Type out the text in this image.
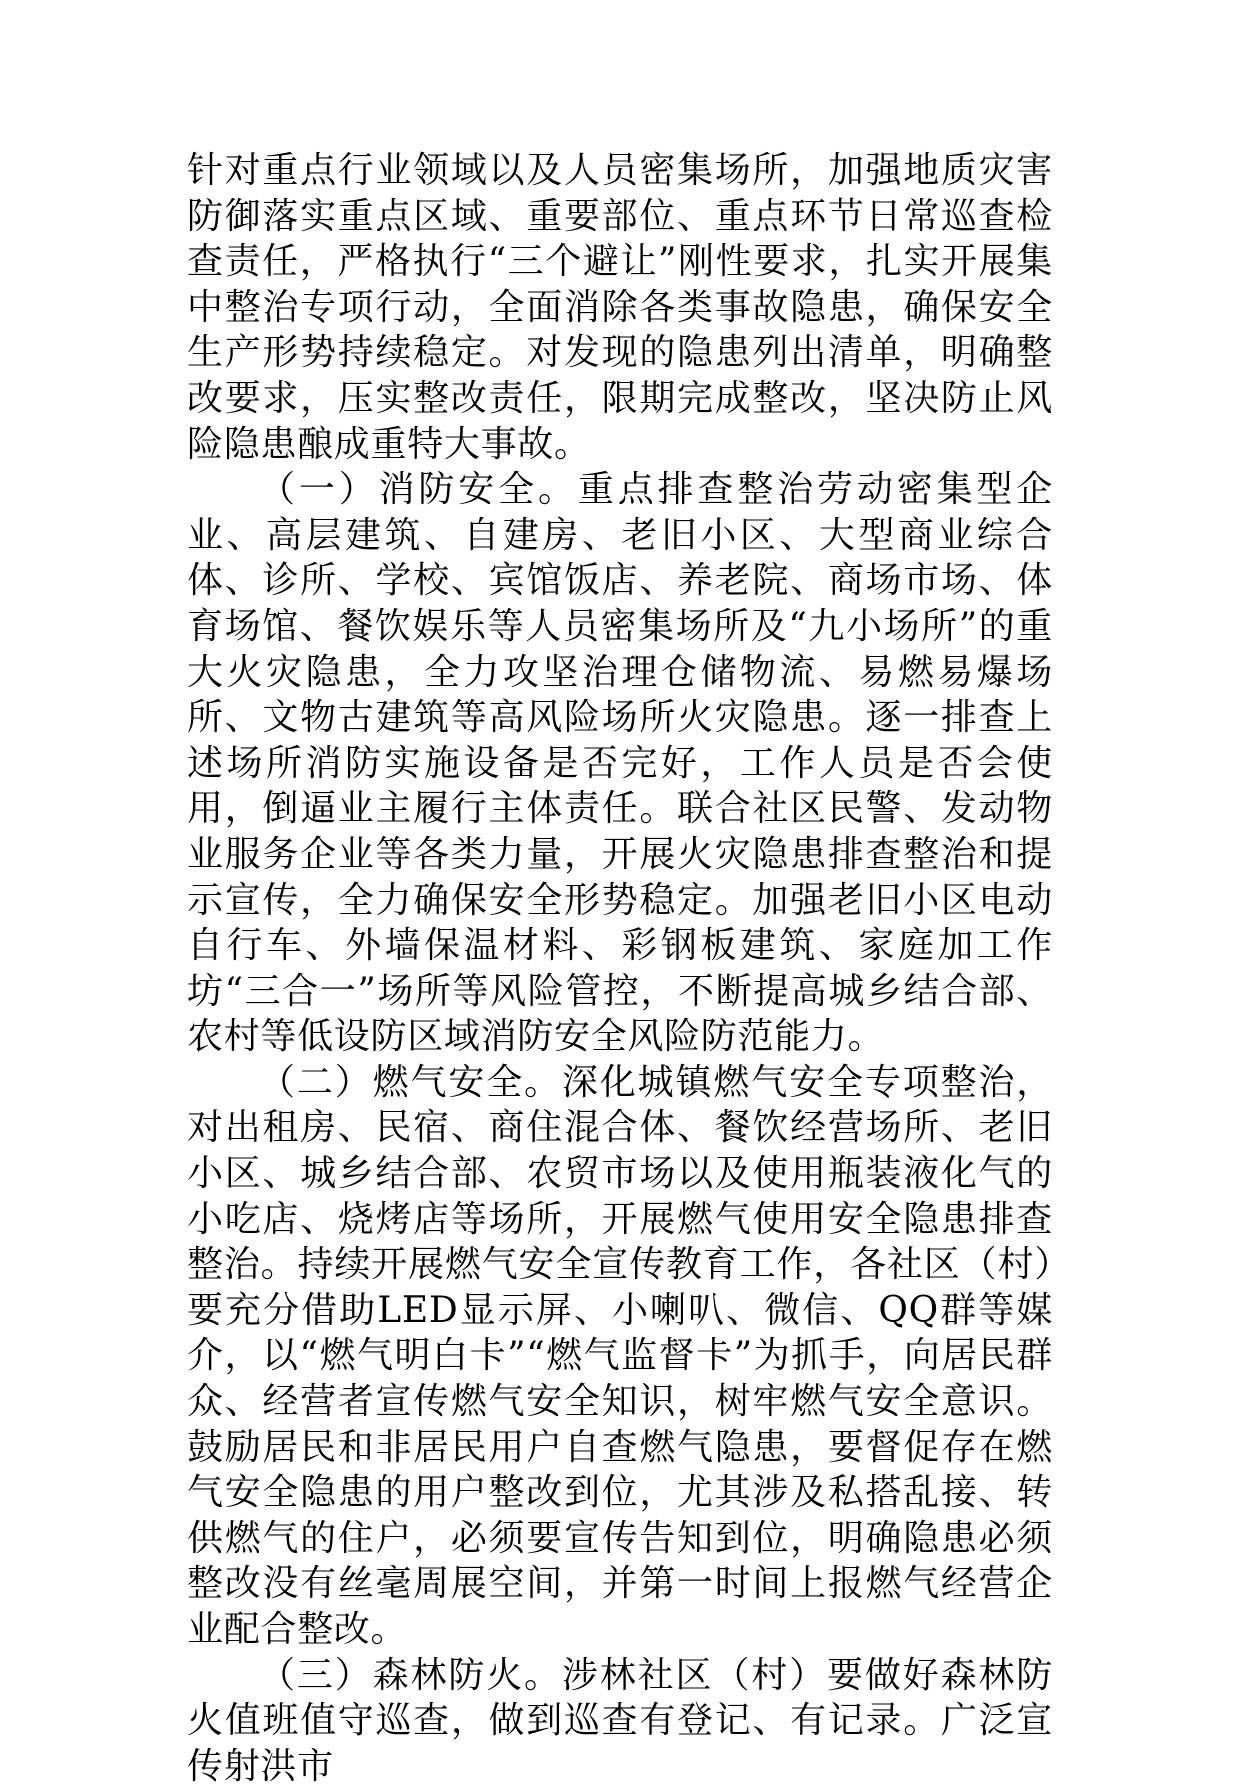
针对重点行业领域以及人员密集场所，加强地质灾害防御落实重点区域、重要部位、重点环节日常巡查检查责任，严格执行“三个避让”刚性要求，扎实开展集中整治专项行动，全面消除各类事故隐患，确保安全生产形势持续稳定。对发现的隐患列出清单，明确整改要求，压实整改责任，限期完成整改，坚决防止风险隐患酿成重特大事故。

（一）消防安全。重点排查整治劳动密集型企业、高层建筑、自建房、老旧小区、大型商业综合体、诊所、学校、宾馆饭店、养老院、商场市场、体育场馆、餐饮娱乐等人员密集场所及“九小场所”的重大火灾隐患，全力攻坚治理仓储物流、易燃易爆场所、文物古建筑等高风险场所火灾隐患。逐一排查上述场所消防实施设备是否完好，工作人员是否会使用，倒逼业主履行主体责任。联合社区民警、发动物业服务企业等各类力量，开展火灾隐患排查整治和提示宣传，全力确保安全形势稳定。加强老旧小区电动自行车、外墙保温材料、彩钢板建筑、家庭加工作坊“三合一”场所等风险管控，不断提高城乡结合部、农村等低设防区域消防安全风险防范能力。

（二）燃气安全。深化城镇燃气安全专项整治，对出租房、民宿、商住混合体、餐饮经营场所、老旧小区、城乡结合部、农贸市场以及使用瓶装液化气的小吃店、烧烤店等场所，开展燃气使用安全隐患排查整治。持续开展燃气安全宣传教育工作，各社区（村）要充分借助LED显示屏、小喇叭、微信、QQ群等媒介，以“燃气明白卡”“燃气监督卡”为抓手，向居民群众、经营者宣传燃气安全知识，树牢燃气安全意识。鼓励居民和非居民用户自查燃气隐患，要督促存在燃气安全隐患的用户整改到位，尤其涉及私搭乱接、转供燃气的住户，必须要宣传告知到位，明确隐患必须整改没有丝毫周展空间，并第一时间上报燃气经营企业配合整改。

（三）森林防火。涉林社区（村）要做好森林防火值班值守巡查，做到巡查有登记、有记录。广泛宣传射洪市
